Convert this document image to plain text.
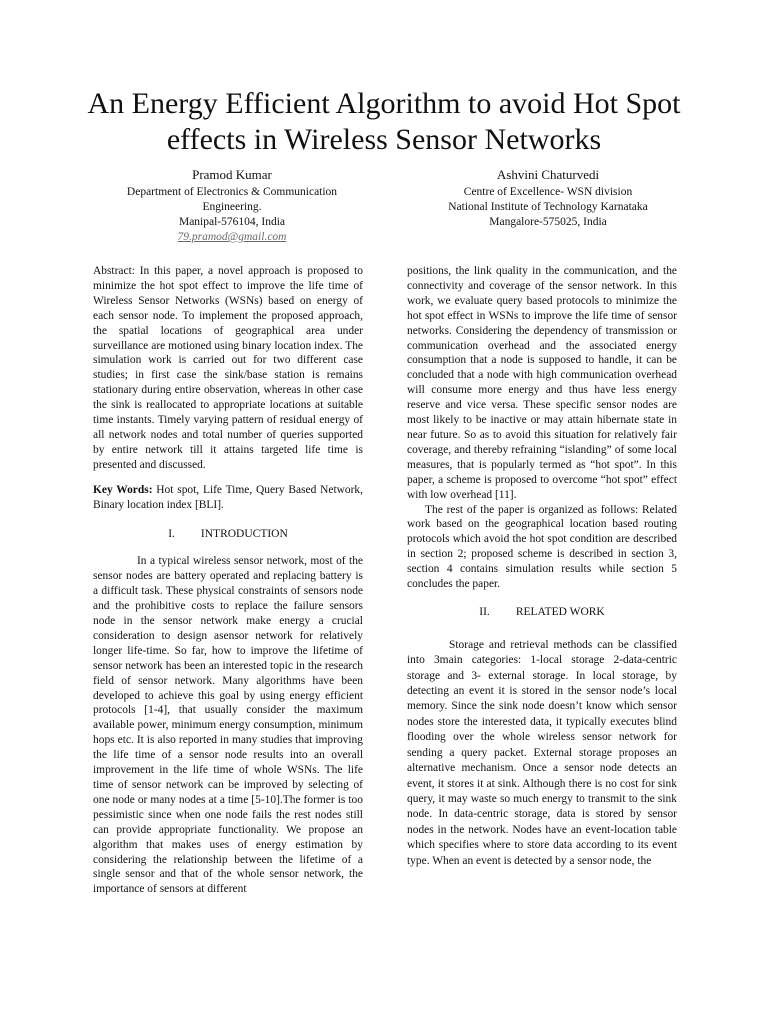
An Energy Efficient Algorithm to avoid Hot Spot effects in Wireless Sensor Networks
Pramod Kumar
Department of Electronics & Communication
Engineering.
Manipal-576104, India
79.pramod@gmail.com
Ashvini Chaturvedi
Centre of Excellence- WSN division
National Institute of Technology Karnataka
Mangalore-575025, India

Abstract: In this paper, a novel approach is proposed to minimize the hot spot effect to improve the life time of Wireless Sensor Networks (WSNs) based on energy of each sensor node. To implement the proposed approach, the spatial locations of geographical area under surveillance are motioned using binary location index. The simulation work is carried out for two different case studies; in first case the sink/base station is remains stationary during entire observation, whereas in other case the sink is reallocated to appropriate locations at suitable time instants. Timely varying pattern of residual energy of all network nodes and total number of queries supported by entire network till it attains targeted life time is presented and discussed.

Key Words: Hot spot, Life Time, Query Based Network, Binary location index [BLI].

I. INTRODUCTION

In a typical wireless sensor network, most of the sensor nodes are battery operated and replacing battery is a difficult task. These physical constraints of sensors node and the prohibitive costs to replace the failure sensors node in the sensor network make energy a crucial consideration to design asensor network for relatively longer life-time. So far, how to improve the lifetime of sensor network has been an interested topic in the research field of sensor network. Many algorithms have been developed to achieve this goal by using energy efficient protocols [1-4], that usually consider the maximum available power, minimum energy consumption, minimum hops etc. It is also reported in many studies that improving the life time of a sensor node results into an overall improvement in the life time of whole WSNs. The life time of sensor network can be improved by selecting of one node or many nodes at a time [5-10].The former is too pessimistic since when one node fails the rest nodes still can provide appropriate functionality. We propose an algorithm that makes uses of energy estimation by considering the relationship between the lifetime of a single sensor and that of the whole sensor network, the importance of sensors at different

positions, the link quality in the communication, and the connectivity and coverage of the sensor network. In this work, we evaluate query based protocols to minimize the hot spot effect in WSNs to improve the life time of sensor networks. Considering the dependency of transmission or communication overhead and the associated energy consumption that a node is supposed to handle, it can be concluded that a node with high communication overhead will consume more energy and thus have less energy reserve and vice versa. These specific sensor nodes are most likely to be inactive or may attain hibernate state in near future. So as to avoid this situation for relatively fair coverage, and thereby refraining “islanding” of some local measures, that is popularly termed as “hot spot”. In this paper, a scheme is proposed to overcome “hot spot” effect with low overhead [11].

The rest of the paper is organized as follows: Related work based on the geographical location based routing protocols which avoid the hot spot condition are described in section 2; proposed scheme is described in section 3, section 4 contains simulation results while section 5 concludes the paper.

II. RELATED WORK

Storage and retrieval methods can be classified into 3main categories: 1-local storage 2-data-centric storage and 3- external storage. In local storage, by detecting an event it is stored in the sensor node’s local memory. Since the sink node doesn’t know which sensor nodes store the interested data, it typically executes blind flooding over the whole wireless sensor network for sending a query packet. External storage proposes an alternative mechanism. Once a sensor node detects an event, it stores it at sink. Although there is no cost for sink query, it may waste so much energy to transmit to the sink node. In data-centric storage, data is stored by sensor nodes in the network. Nodes have an event-location table which specifies where to store data according to its event type. When an event is detected by a sensor node, the
